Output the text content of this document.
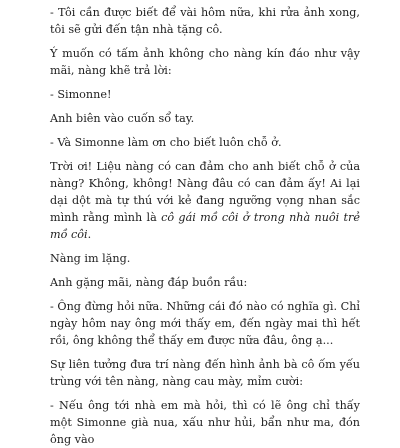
- Tôi cần được biết để vài hôm nữa, khi rửa ảnh xong, tôi sẽ gửi đến tận nhà tặng cô.

Ý muốn có tấm ảnh không cho nàng kín đáo như vậy mãi, nàng khẽ trả lời:

- Simonne!

Anh biên vào cuốn sổ tay.

- Và Simonne làm ơn cho biết luôn chỗ ở.

Trời ơi! Liệu nàng có can đảm cho anh biết chỗ ở của nàng? Không, không! Nàng đâu có can đảm ấy! Ai lại dại dột mà tự thú với kẻ đang ngưỡng vọng nhan sắc mình rằng mình là cô gái mồ côi ở trong nhà nuôi trẻ mồ côi.

Nàng im lặng.

Anh gặng mãi, nàng đáp buồn rầu:

- Ông đừng hỏi nữa. Những cái đó nào có nghĩa gì. Chỉ ngày hôm nay ông mới thấy em, đến ngày mai thì hết rồi, ông không thể thấy em được nữa đâu, ông ạ...

Sự liên tưởng đưa trí nàng đến hình ảnh bà cô ốm yếu trùng với tên nàng, nàng cau mày, mỉm cười:

- Nếu ông tới nhà em mà hỏi, thì có lẽ ông chỉ thấy một Simonne già nua, xấu như hủi, bẩn như ma, đón ông vào
